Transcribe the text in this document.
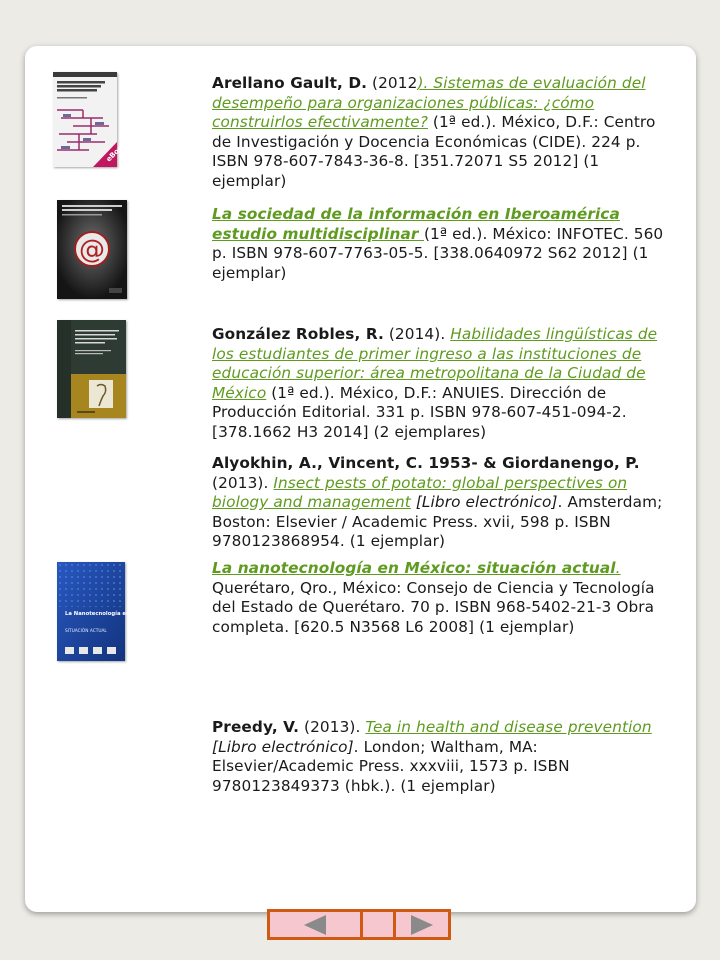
eBook
@
La Nanotecnología en México.
SITUACIÓN ACTUAL
Arellano Gault, D. (2012). Sistemas de evaluación del desempeño para organizaciones públicas: ¿cómo construirlos efectivamente? (1ª ed.). México, D.F.: Centro de Investigación y Docencia Económicas (CIDE). 224 p. ISBN 978-607-7843-36-8. [351.72071 S5 2012] (1 ejemplar)
La sociedad de la información en Iberoamérica estudio multidisciplinar (1ª ed.). México: INFOTEC. 560 p. ISBN 978-607-7763-05-5. [338.0640972 S62 2012] (1 ejemplar)
González Robles, R. (2014). Habilidades lingüísticas de los estudiantes de primer ingreso a las instituciones de educación superior: área metropolitana de la Ciudad de México (1ª ed.). México, D.F.: ANUIES. Dirección de Producción Editorial. 331 p. ISBN 978-607-451-094-2. [378.1662 H3 2014] (2 ejemplares)
Alyokhin, A., Vincent, C. 1953- & Giordanengo, P. (2013). Insect pests of potato: global perspectives on biology and management [Libro electrónico]. Amsterdam; Boston: Elsevier / Academic Press. xvii, 598 p. ISBN 9780123868954. (1 ejemplar)
La nanotecnología en México: situación actual. Querétaro, Qro., México: Consejo de Ciencia y Tecnología del Estado de Querétaro. 70 p. ISBN 968-5402-21-3 Obra completa. [620.5 N3568 L6 2008] (1 ejemplar)
Preedy, V. (2013). Tea in health and disease prevention [Libro electrónico]. London; Waltham, MA: Elsevier/Academic Press. xxxviii, 1573 p. ISBN 9780123849373 (hbk.). (1 ejemplar)
